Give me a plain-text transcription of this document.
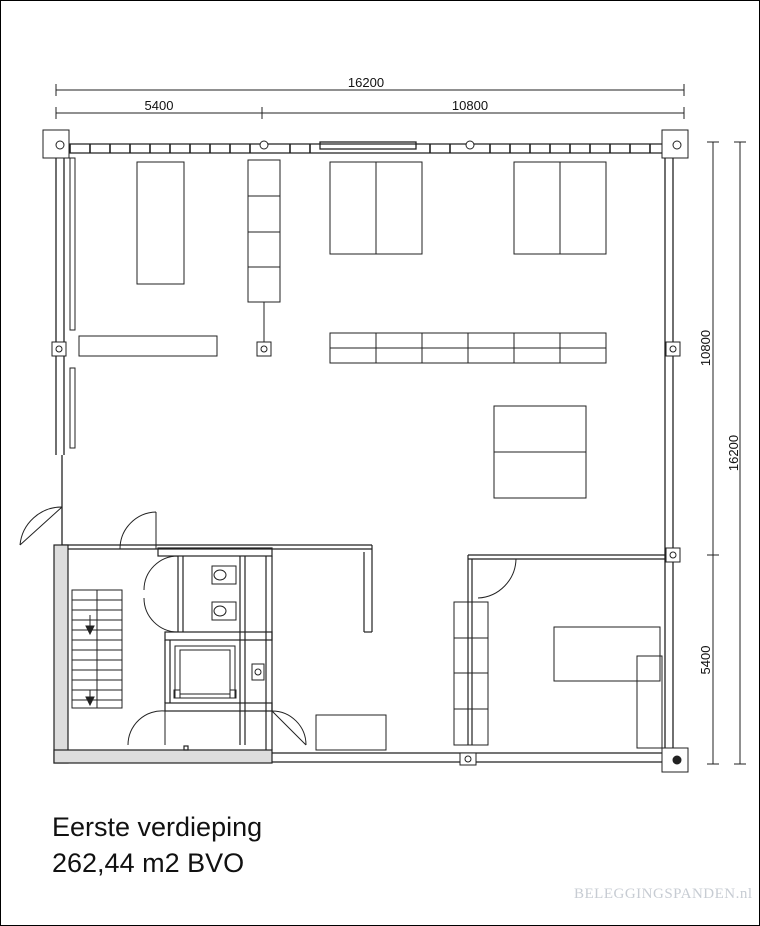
16200
5400	10800
10800
16200
5400
Eerste verdieping
262,44 m2 BVO
BELEGGINGSPANDEN.nl
